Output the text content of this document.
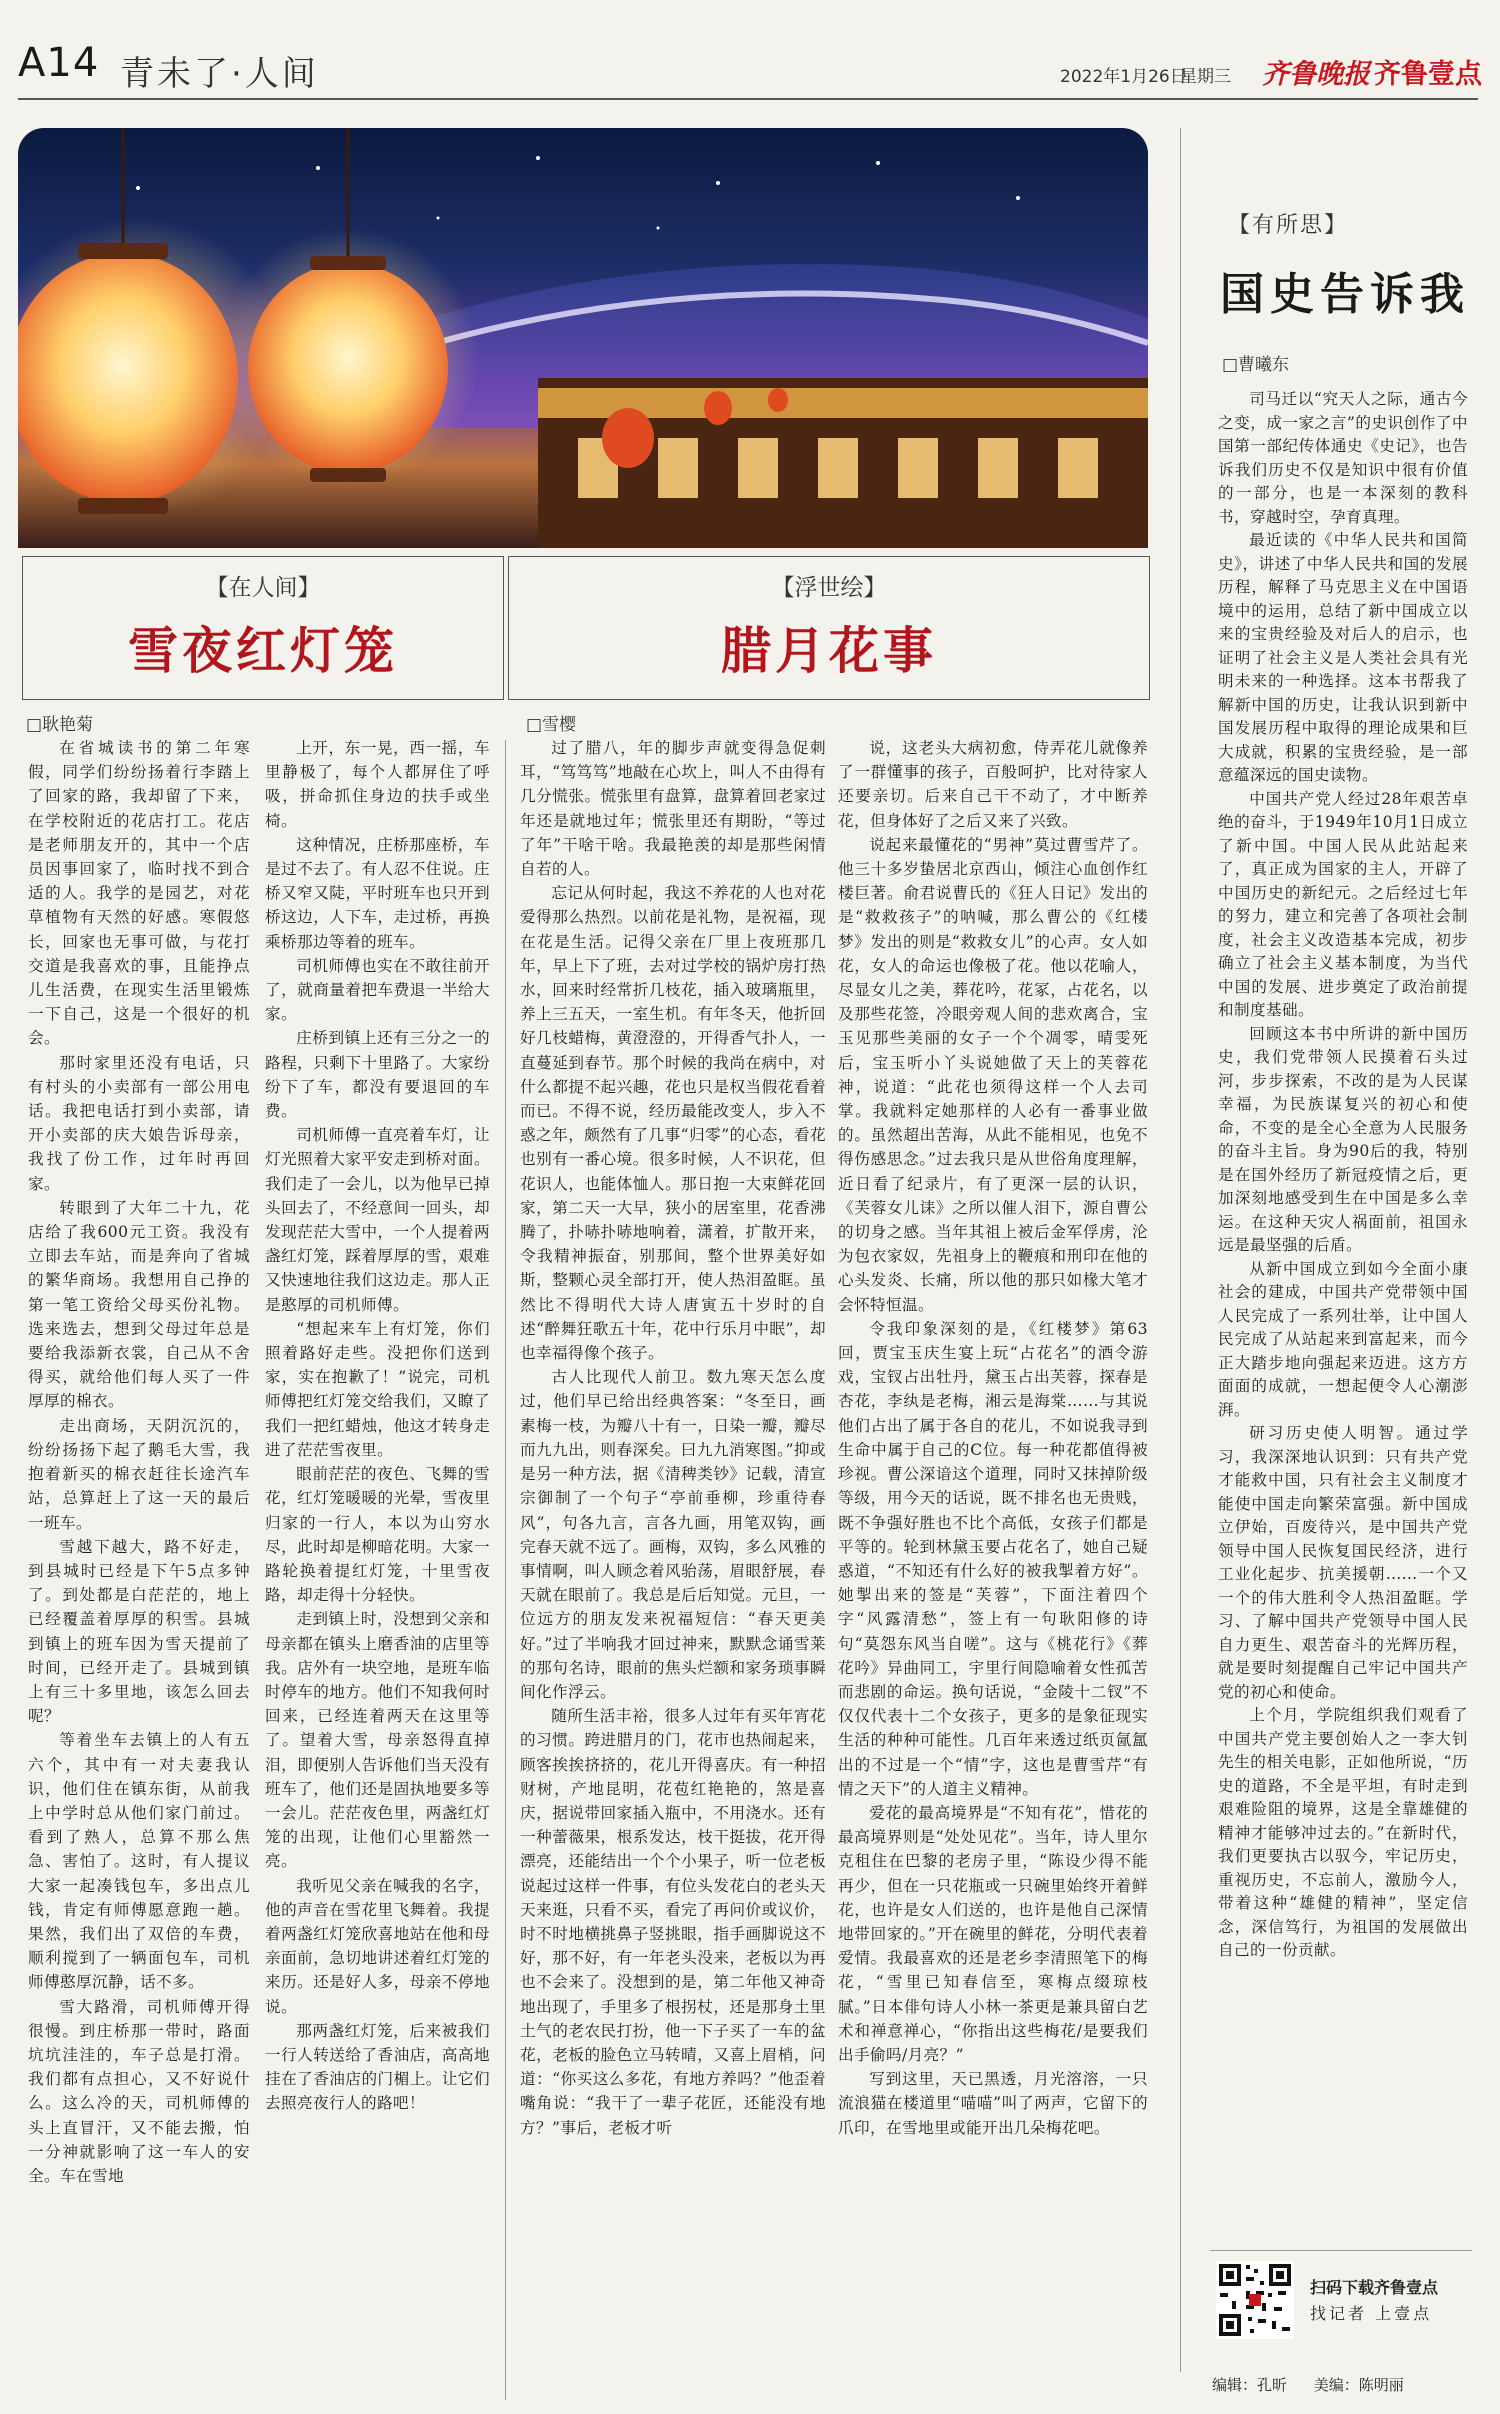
A14 青未了·人间	2022年1月26日
星期三 齐鲁晚报 齐鲁壹点
【在人间】
雪夜红灯笼
□耿艳菊

在省城读书的第二年寒假，同学们纷纷扬着行李踏上了回家的路，我却留了下来，在学校附近的花店打工。花店是老师朋友开的，其中一个店员因事回家了，临时找不到合适的人。我学的是园艺，对花草植物有天然的好感。寒假悠长，回家也无事可做，与花打交道是我喜欢的事，且能挣点儿生活费，在现实生活里锻炼一下自己，这是一个很好的机会。

那时家里还没有电话，只有村头的小卖部有一部公用电话。我把电话打到小卖部，请开小卖部的庆大娘告诉母亲，我找了份工作，过年时再回家。

转眼到了大年二十九，花店给了我600元工资。我没有立即去车站，而是奔向了省城的繁华商场。我想用自己挣的第一笔工资给父母买份礼物。选来选去，想到父母过年总是要给我添新衣裳，自己从不舍得买，就给他们每人买了一件厚厚的棉衣。

走出商场，天阴沉沉的，纷纷扬扬下起了鹅毛大雪，我抱着新买的棉衣赶往长途汽车站，总算赶上了这一天的最后一班车。

雪越下越大，路不好走，到县城时已经是下午5点多钟了。到处都是白茫茫的，地上已经覆盖着厚厚的积雪。县城到镇上的班车因为雪天提前了时间，已经开走了。县城到镇上有三十多里地，该怎么回去呢？

等着坐车去镇上的人有五六个，其中有一对夫妻我认识，他们住在镇东街，从前我上中学时总从他们家门前过。看到了熟人，总算不那么焦急、害怕了。这时，有人提议大家一起凑钱包车，多出点儿钱，肯定有师傅愿意跑一趟。果然，我们出了双倍的车费，顺利搅到了一辆面包车，司机师傅憨厚沉静，话不多。

雪大路滑，司机师傅开得很慢。到庄桥那一带时，路面坑坑洼洼的，车子总是打滑。我们都有点担心，又不好说什么。这么冷的天，司机师傅的头上直冒汗，又不能去搬，怕一分神就影响了这一车人的安全。车在雪地

上开，东一晃，西一摇，车里静极了，每个人都屏住了呼吸，拼命抓住身边的扶手或坐椅。

这种情况，庄桥那座桥，车是过不去了。有人忍不住说。庄桥又窄又陡，平时班车也只开到桥这边，人下车，走过桥，再换乘桥那边等着的班车。

司机师傅也实在不敢往前开了，就商量着把车费退一半给大家。

庄桥到镇上还有三分之一的路程，只剩下十里路了。大家纷纷下了车，都没有要退回的车费。

司机师傅一直亮着车灯，让灯光照着大家平安走到桥对面。我们走了一会儿，以为他早已掉头回去了，不经意间一回头，却发现茫茫大雪中，一个人提着两盏红灯笼，踩着厚厚的雪，艰难又快速地往我们这边走。那人正是憨厚的司机师傅。

“想起来车上有灯笼，你们照着路好走些。没把你们送到家，实在抱歉了！”说完，司机师傅把红灯笼交给我们，又瞭了我们一把红蜡烛，他这才转身走进了茫茫雪夜里。

眼前茫茫的夜色、飞舞的雪花，红灯笼暖暖的光晕，雪夜里归家的一行人，本以为山穷水尽，此时却是柳暗花明。大家一路轮换着提红灯笼，十里雪夜路，却走得十分轻快。

走到镇上时，没想到父亲和母亲都在镇头上磨香油的店里等我。店外有一块空地，是班车临时停车的地方。他们不知我何时回来，已经连着两天在这里等了。望着大雪，母亲怒得直掉泪，即便别人告诉他们当天没有班车了，他们还是固执地要多等一会儿。茫茫夜色里，两盏红灯笼的出现，让他们心里豁然一亮。

我听见父亲在喊我的名字，他的声音在雪花里飞舞着。我提着两盏红灯笼欣喜地站在他和母亲面前，急切地讲述着红灯笼的来历。还是好人多，母亲不停地说。

那两盏红灯笼，后来被我们一行人转送给了香油店，高高地挂在了香油店的门楣上。让它们去照亮夜行人的路吧！

【浮世绘】
腊月花事
□雪樱

过了腊八，年的脚步声就变得急促刺耳，“笃笃笃”地敲在心坎上，叫人不由得有几分慌张。慌张里有盘算，盘算着回老家过年还是就地过年；慌张里还有期盼，“等过了年”干啥干啥。我最艳羡的却是那些闲情自若的人。

忘记从何时起，我这不养花的人也对花爱得那么热烈。以前花是礼物，是祝福，现在花是生活。记得父亲在厂里上夜班那几年，早上下了班，去对过学校的锅炉房打热水，回来时经常折几枝花，插入玻璃瓶里，养上三五天，一室生机。有年冬天，他折回好几枝蜡梅，黄澄澄的，开得香气扑人，一直蔓延到春节。那个时候的我尚在病中，对什么都提不起兴趣，花也只是权当假花看着而已。不得不说，经历最能改变人，步入不惑之年，颇然有了几事“归零”的心态，看花也别有一番心境。很多时候，人不识花，但花识人，也能体恤人。那日抱一大束鲜花回家，第二天一大早，狭小的居室里，花香沸腾了，扑哧扑哧地响着，潇着，扩散开来，令我精神振奋，别那间，整个世界美好如斯，整颗心灵全部打开，使人热泪盈眶。虽然比不得明代大诗人唐寅五十岁时的自述“醉舞狂歌五十年，花中行乐月中眠”，却也幸福得像个孩子。

古人比现代人前卫。数九寒天怎么度过，他们早已给出经典答案：“冬至日，画素梅一枝，为瓣八十有一，日染一瓣，瓣尽而九九出，则春深矣。曰九九消寒图。”抑或是另一种方法，据《清稗类钞》记载，清宣宗御制了一个句子“亭前垂柳，珍重待春风”，句各九言，言各九画，用笔双钩，画完春天就不远了。画梅，双钩，多么风雅的事情啊，叫人顾念着风骀荡，眉眼舒展，春天就在眼前了。我总是后后知觉。元旦，一位远方的朋友发来祝福短信：“春天更美好。”过了半响我才回过神来，默默念诵雪莱的那句名诗，眼前的焦头烂额和家务琐事瞬间化作浮云。

随所生活丰裕，很多人过年有买年宵花的习惯。跨进腊月的门，花市也热闹起来，顾客挨挨挤挤的，花儿开得喜庆。有一种招财树，产地昆明，花苞红艳艳的，煞是喜庆，据说带回家插入瓶中，不用浇水。还有一种蕾薇果，根系发达，枝干挺拔，花开得漂亮，还能结出一个个小果子，听一位老板说起过这样一件事，有位头发花白的老头天天来逛，只看不买，看完了再问价或议价，时不时地横挑鼻子竖挑眼，指手画脚说这不好，那不好，有一年老头没来，老板以为再也不会来了。没想到的是，第二年他又神奇地出现了，手里多了根拐杖，还是那身土里土气的老农民打扮，他一下子买了一车的盆花，老板的脸色立马转晴，又喜上眉梢，问道：“你买这么多花，有地方养吗？”他歪着嘴角说：“我干了一辈子花匠，还能没有地方？”事后，老板才听

说，这老头大病初愈，侍弄花儿就像养了一群懂事的孩子，百般呵护，比对待家人还要亲切。后来自己干不动了，才中断养花，但身体好了之后又来了兴致。

说起来最懂花的“男神”莫过曹雪芹了。他三十多岁蛰居北京西山，倾注心血创作红楼巨著。俞君说曹氏的《狂人日记》发出的是“救救孩子”的呐喊，那么曹公的《红楼梦》发出的则是“救救女儿”的心声。女人如花，女人的命运也像极了花。他以花喻人，尽显女儿之美，葬花吟，花冢，占花名，以及那些花签，冷眼旁观人间的悲欢离合，宝玉见那些美丽的女子一个个凋零，晴雯死后，宝玉听小丫头说她做了天上的芙蓉花神，说道：“此花也须得这样一个人去司掌。我就料定她那样的人必有一番事业做的。虽然超出苦海，从此不能相见，也免不得伤感思念。”过去我只是从世俗角度理解，近日看了纪录片，有了更深一层的认识，《芙蓉女儿诔》之所以催人泪下，源自曹公的切身之感。当年其祖上被后金军俘虏，沦为包衣家奴，先祖身上的鞭痕和刑印在他的心头发炎、长痛，所以他的那只如椽大笔才会怀特恒温。

令我印象深刻的是，《红楼梦》第63回，贾宝玉庆生宴上玩“占花名”的酒令游戏，宝钗占出牡丹，黛玉占出芙蓉，探春是杏花，李纨是老梅，湘云是海棠……与其说他们占出了属于各自的花儿，不如说我寻到生命中属于自己的C位。每一种花都值得被珍视。曹公深谙这个道理，同时又抹掉阶级等级，用今天的话说，既不排名也无贵贱，既不争强好胜也不比个高低，女孩子们都是平等的。轮到林黛玉要占花名了，她自己疑惑道，“不知还有什么好的被我掣着方好”。她掣出来的签是“芙蓉”，下面注着四个字“风露清愁”，签上有一句耿阳修的诗句“莫怨东风当自嗟”。这与《桃花行》《葬花吟》异曲同工，宇里行间隐喻着女性孤苦而悲剧的命运。换句话说，“金陵十二钗”不仅仅代表十二个女孩子，更多的是象征现实生活的种种可能性。几百年来透过纸页氤氲出的不过是一个“情”字，这也是曹雪芹“有情之天下”的人道主义精神。

爱花的最高境界是“不知有花”，惜花的最高境界则是“处处见花”。当年，诗人里尔克租住在巴黎的老房子里，“陈设少得不能再少，但在一只花瓶或一只碗里始终开着鲜花，也许是女人们送的，也许是他自己深情地带回家的。”开在碗里的鲜花，分明代表着爱情。我最喜欢的还是老乡李清照笔下的梅花，“雪里已知春信至，寒梅点缀琼枝腻。”日本俳句诗人小林一茶更是兼具留白艺术和禅意禅心，“你指出这些梅花/是要我们出手偷吗/月亮？”

写到这里，天已黑透，月光溶溶，一只流浪猫在楼道里“喵喵”叫了两声，它留下的爪印，在雪地里或能开出几朵梅花吧。

【有所思】
国史告诉我
□曹曦东

司马迁以“究天人之际，通古今之变，成一家之言”的史识创作了中国第一部纪传体通史《史记》，也告诉我们历史不仅是知识中很有价值的一部分，也是一本深刻的教科书，穿越时空，孕育真理。

最近读的《中华人民共和国简史》，讲述了中华人民共和国的发展历程，解释了马克思主义在中国语境中的运用，总结了新中国成立以来的宝贵经验及对后人的启示，也证明了社会主义是人类社会具有光明未来的一种选择。这本书帮我了解新中国的历史，让我认识到新中国发展历程中取得的理论成果和巨大成就，积累的宝贵经验，是一部意蕴深远的国史读物。

中国共产党人经过28年艰苦卓绝的奋斗，于1949年10月1日成立了新中国。中国人民从此站起来了，真正成为国家的主人，开辟了中国历史的新纪元。之后经过七年的努力，建立和完善了各项社会制度，社会主义改造基本完成，初步确立了社会主义基本制度，为当代中国的发展、进步奠定了政治前提和制度基础。

回顾这本书中所讲的新中国历史，我们党带领人民摸着石头过河，步步探索，不改的是为人民谋幸福，为民族谋复兴的初心和使命，不变的是全心全意为人民服务的奋斗主旨。身为90后的我，特别是在国外经历了新冠疫情之后，更加深刻地感受到生在中国是多么幸运。在这种天灾人祸面前，祖国永远是最坚强的后盾。

从新中国成立到如今全面小康社会的建成，中国共产党带领中国人民完成了一系列壮举，让中国人民完成了从站起来到富起来，而今正大踏步地向强起来迈进。这方方面面的成就，一想起便令人心潮澎湃。

研习历史使人明智。通过学习，我深深地认识到：只有共产党才能救中国，只有社会主义制度才能使中国走向繁荣富强。新中国成立伊始，百废待兴，是中国共产党领导中国人民恢复国民经济，进行工业化起步、抗美援朝……一个又一个的伟大胜利令人热泪盈眶。学习、了解中国共产党领导中国人民自力更生、艰苦奋斗的光辉历程，就是要时刻提醒自己牢记中国共产党的初心和使命。

上个月，学院组织我们观看了中国共产党主要创始人之一李大钊先生的相关电影，正如他所说，“历史的道路，不全是平坦，有时走到艰难险阻的境界，这是全靠雄健的精神才能够冲过去的。”在新时代，我们更要执古以驭今，牢记历史，重视历史，不忘前人，激励今人，带着这种“雄健的精神”，坚定信念，深信笃行，为祖国的发展做出自己的一份贡献。

扫码下载齐鲁壹点
找记者 上壹点
编辑：孔昕 美编：陈明丽
